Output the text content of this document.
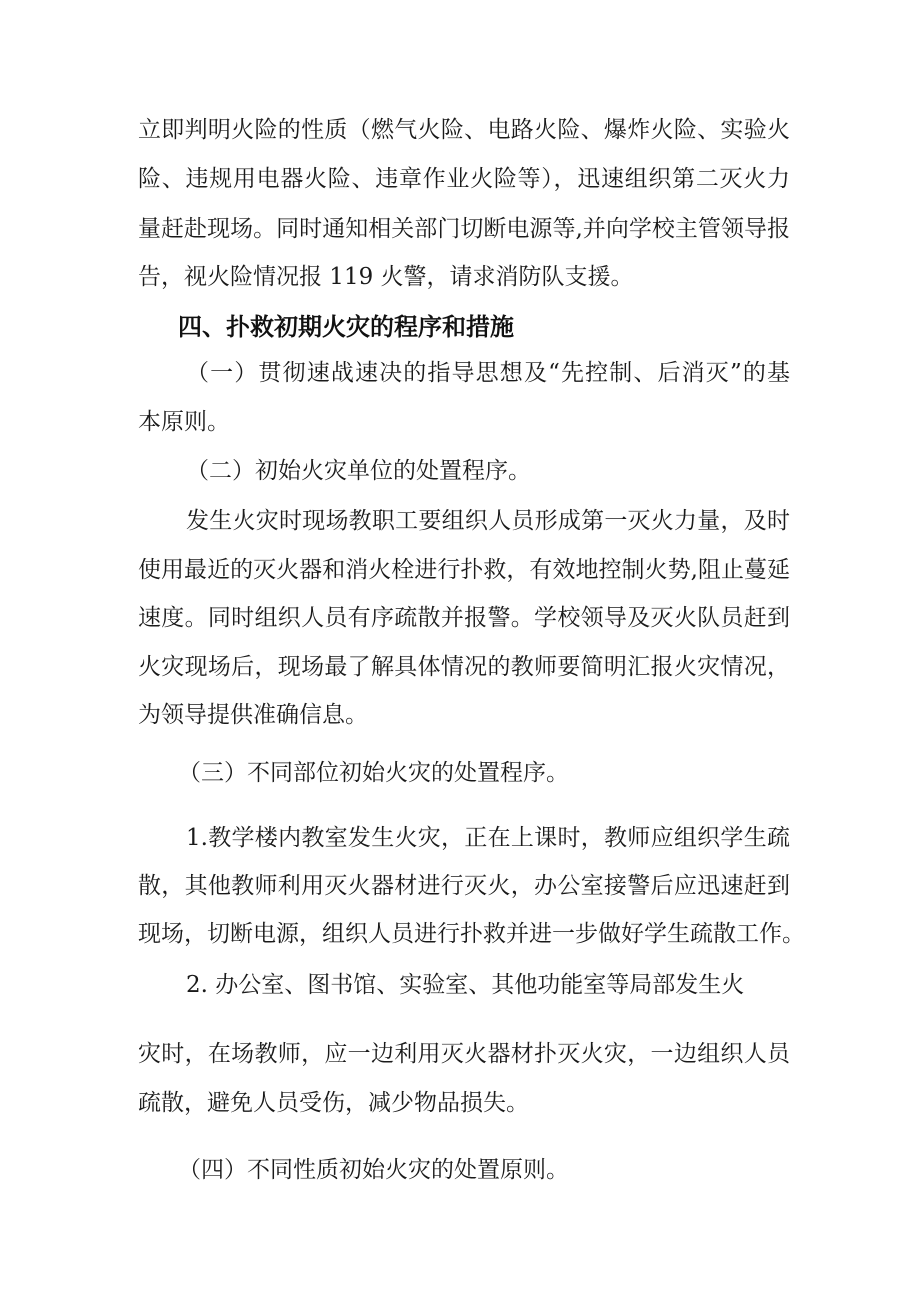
立即判明火险的性质（燃气火险、电路火险、爆炸火险、实验火
险、违规用电器火险、违章作业火险等），迅速组织第二灭火力
量赶赴现场。同时通知相关部门切断电源等,并向学校主管领导报
告，视火险情况报 119 火警，请求消防队支援。
四、扑救初期火灾的程序和措施
（一）贯彻速战速决的指导思想及“先控制、后消灭”的基
本原则。
（二）初始火灾单位的处置程序。
发生火灾时现场教职工要组织人员形成第一灭火力量，及时
使用最近的灭火器和消火栓进行扑救，有效地控制火势,阻止蔓延
速度。同时组织人员有序疏散并报警。学校领导及灭火队员赶到
火灾现场后，现场最了解具体情况的教师要简明汇报火灾情况，
为领导提供准确信息。
（三）不同部位初始火灾的处置程序。
1.教学楼内教室发生火灾，正在上课时，教师应组织学生疏
散，其他教师利用灭火器材进行灭火，办公室接警后应迅速赶到
现场，切断电源，组织人员进行扑救并进一步做好学生疏散工作。
2. 办公室、图书馆、实验室、其他功能室等局部发生火
灾时，在场教师，应一边利用灭火器材扑灭火灾，一边组织人员
疏散，避免人员受伤，减少物品损失。
（四）不同性质初始火灾的处置原则。
